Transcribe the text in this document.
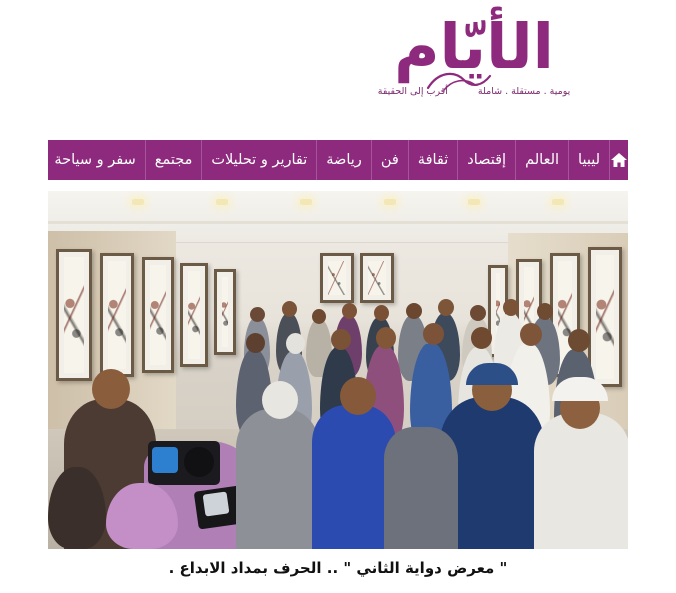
الأيّام
يومية . مستقلة . شاملة
أقرب إلى الحقيقة
ليبيا
العالم
إقتصاد
ثقافة
فن
رياضة
تقارير و تحليلات
مجتمع
سفر و سياحة
" معرض دواية الثاني " .. الحرف بمداد الابداع .
